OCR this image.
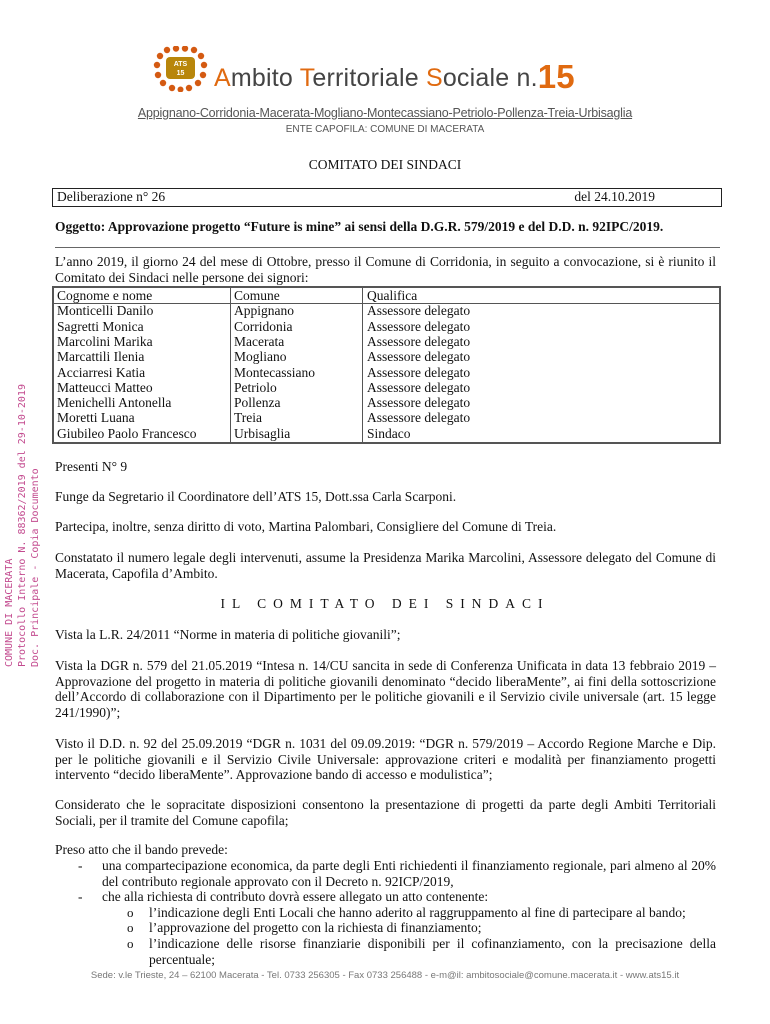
ATS
15 Ambito Territoriale Sociale n.15
Appignano-Corridonia-Macerata-Mogliano-Montecassiano-Petriolo-Pollenza-Treia-Urbisaglia
ENTE CAPOFILA: COMUNE DI MACERATA
COMUNE DI MACERATA Protocollo Interno N. 88362/2019 del 29-10-2019 Doc. Principale - Copia Documento
COMITATO DEI SINDACI
Deliberazione n° 26	del 24.10.2019
Oggetto: Approvazione progetto “Future is mine” ai sensi della D.G.R. 579/2019 e del D.D. n. 92IPC/2019.
L’anno 2019, il giorno 24 del mese di Ottobre, presso il Comune di Corridonia, in seguito a convocazione, si è riunito il Comitato dei Sindaci nelle persone dei signori:
Cognome e nome	Comune	Qualifica
Monticelli Danilo	Appignano	Assessore delegato
Sagretti Monica	Corridonia	Assessore delegato
Marcolini Marika	Macerata	Assessore delegato
Marcattili Ilenia	Mogliano	Assessore delegato
Acciarresi Katia	Montecassiano	Assessore delegato
Matteucci Matteo	Petriolo	Assessore delegato
Menichelli Antonella	Pollenza	Assessore delegato
Moretti Luana	Treia	Assessore delegato
Giubileo Paolo Francesco	Urbisaglia	Sindaco
Presenti N° 9
Funge da Segretario il Coordinatore dell’ATS 15, Dott.ssa Carla Scarponi.
Partecipa, inoltre, senza diritto di voto, Martina Palombari, Consigliere del Comune di Treia.
Constatato il numero legale degli intervenuti, assume la Presidenza Marika Marcolini, Assessore delegato del Comune di Macerata, Capofila d’Ambito.
IL COMITATO DEI SINDACI
Vista la L.R. 24/2011 “Norme in materia di politiche giovanili”;
Vista la DGR n. 579 del 21.05.2019 “Intesa n. 14/CU sancita in sede di Conferenza Unificata in data 13 febbraio 2019 – Approvazione del progetto in materia di politiche giovanili denominato “decido liberaMente”, ai fini della sottoscrizione dell’Accordo di collaborazione con il Dipartimento per le politiche giovanili e il Servizio civile universale (art. 15 legge 241/1990)”;
Visto il D.D. n. 92 del 25.09.2019 “DGR n. 1031 del 09.09.2019: “DGR n. 579/2019 – Accordo Regione Marche e Dip. per le politiche giovanili e il Servizio Civile Universale: approvazione criteri e modalità per finanziamento progetti intervento “decido liberaMente”. Approvazione bando di accesso e modulistica”;
Considerato che le sopracitate disposizioni consentono la presentazione di progetti da parte degli Ambiti Territoriali Sociali, per il tramite del Comune capofila;
Preso atto che il bando prevede:
- una compartecipazione economica, da parte degli Enti richiedenti il finanziamento regionale, pari almeno al 20% del contributo regionale approvato con il Decreto n. 92ICP/2019,
- che alla richiesta di contributo dovrà essere allegato un atto contenente:
o l’indicazione degli Enti Locali che hanno aderito al raggruppamento al fine di partecipare al bando;
o l’approvazione del progetto con la richiesta di finanziamento;
o l’indicazione delle risorse finanziarie disponibili per il cofinanziamento, con la precisazione della percentuale;
Sede: v.le Trieste, 24 – 62100 Macerata - Tel. 0733 256305 - Fax 0733 256488 - e-m@il: ambitosociale@comune.macerata.it - www.ats15.it
